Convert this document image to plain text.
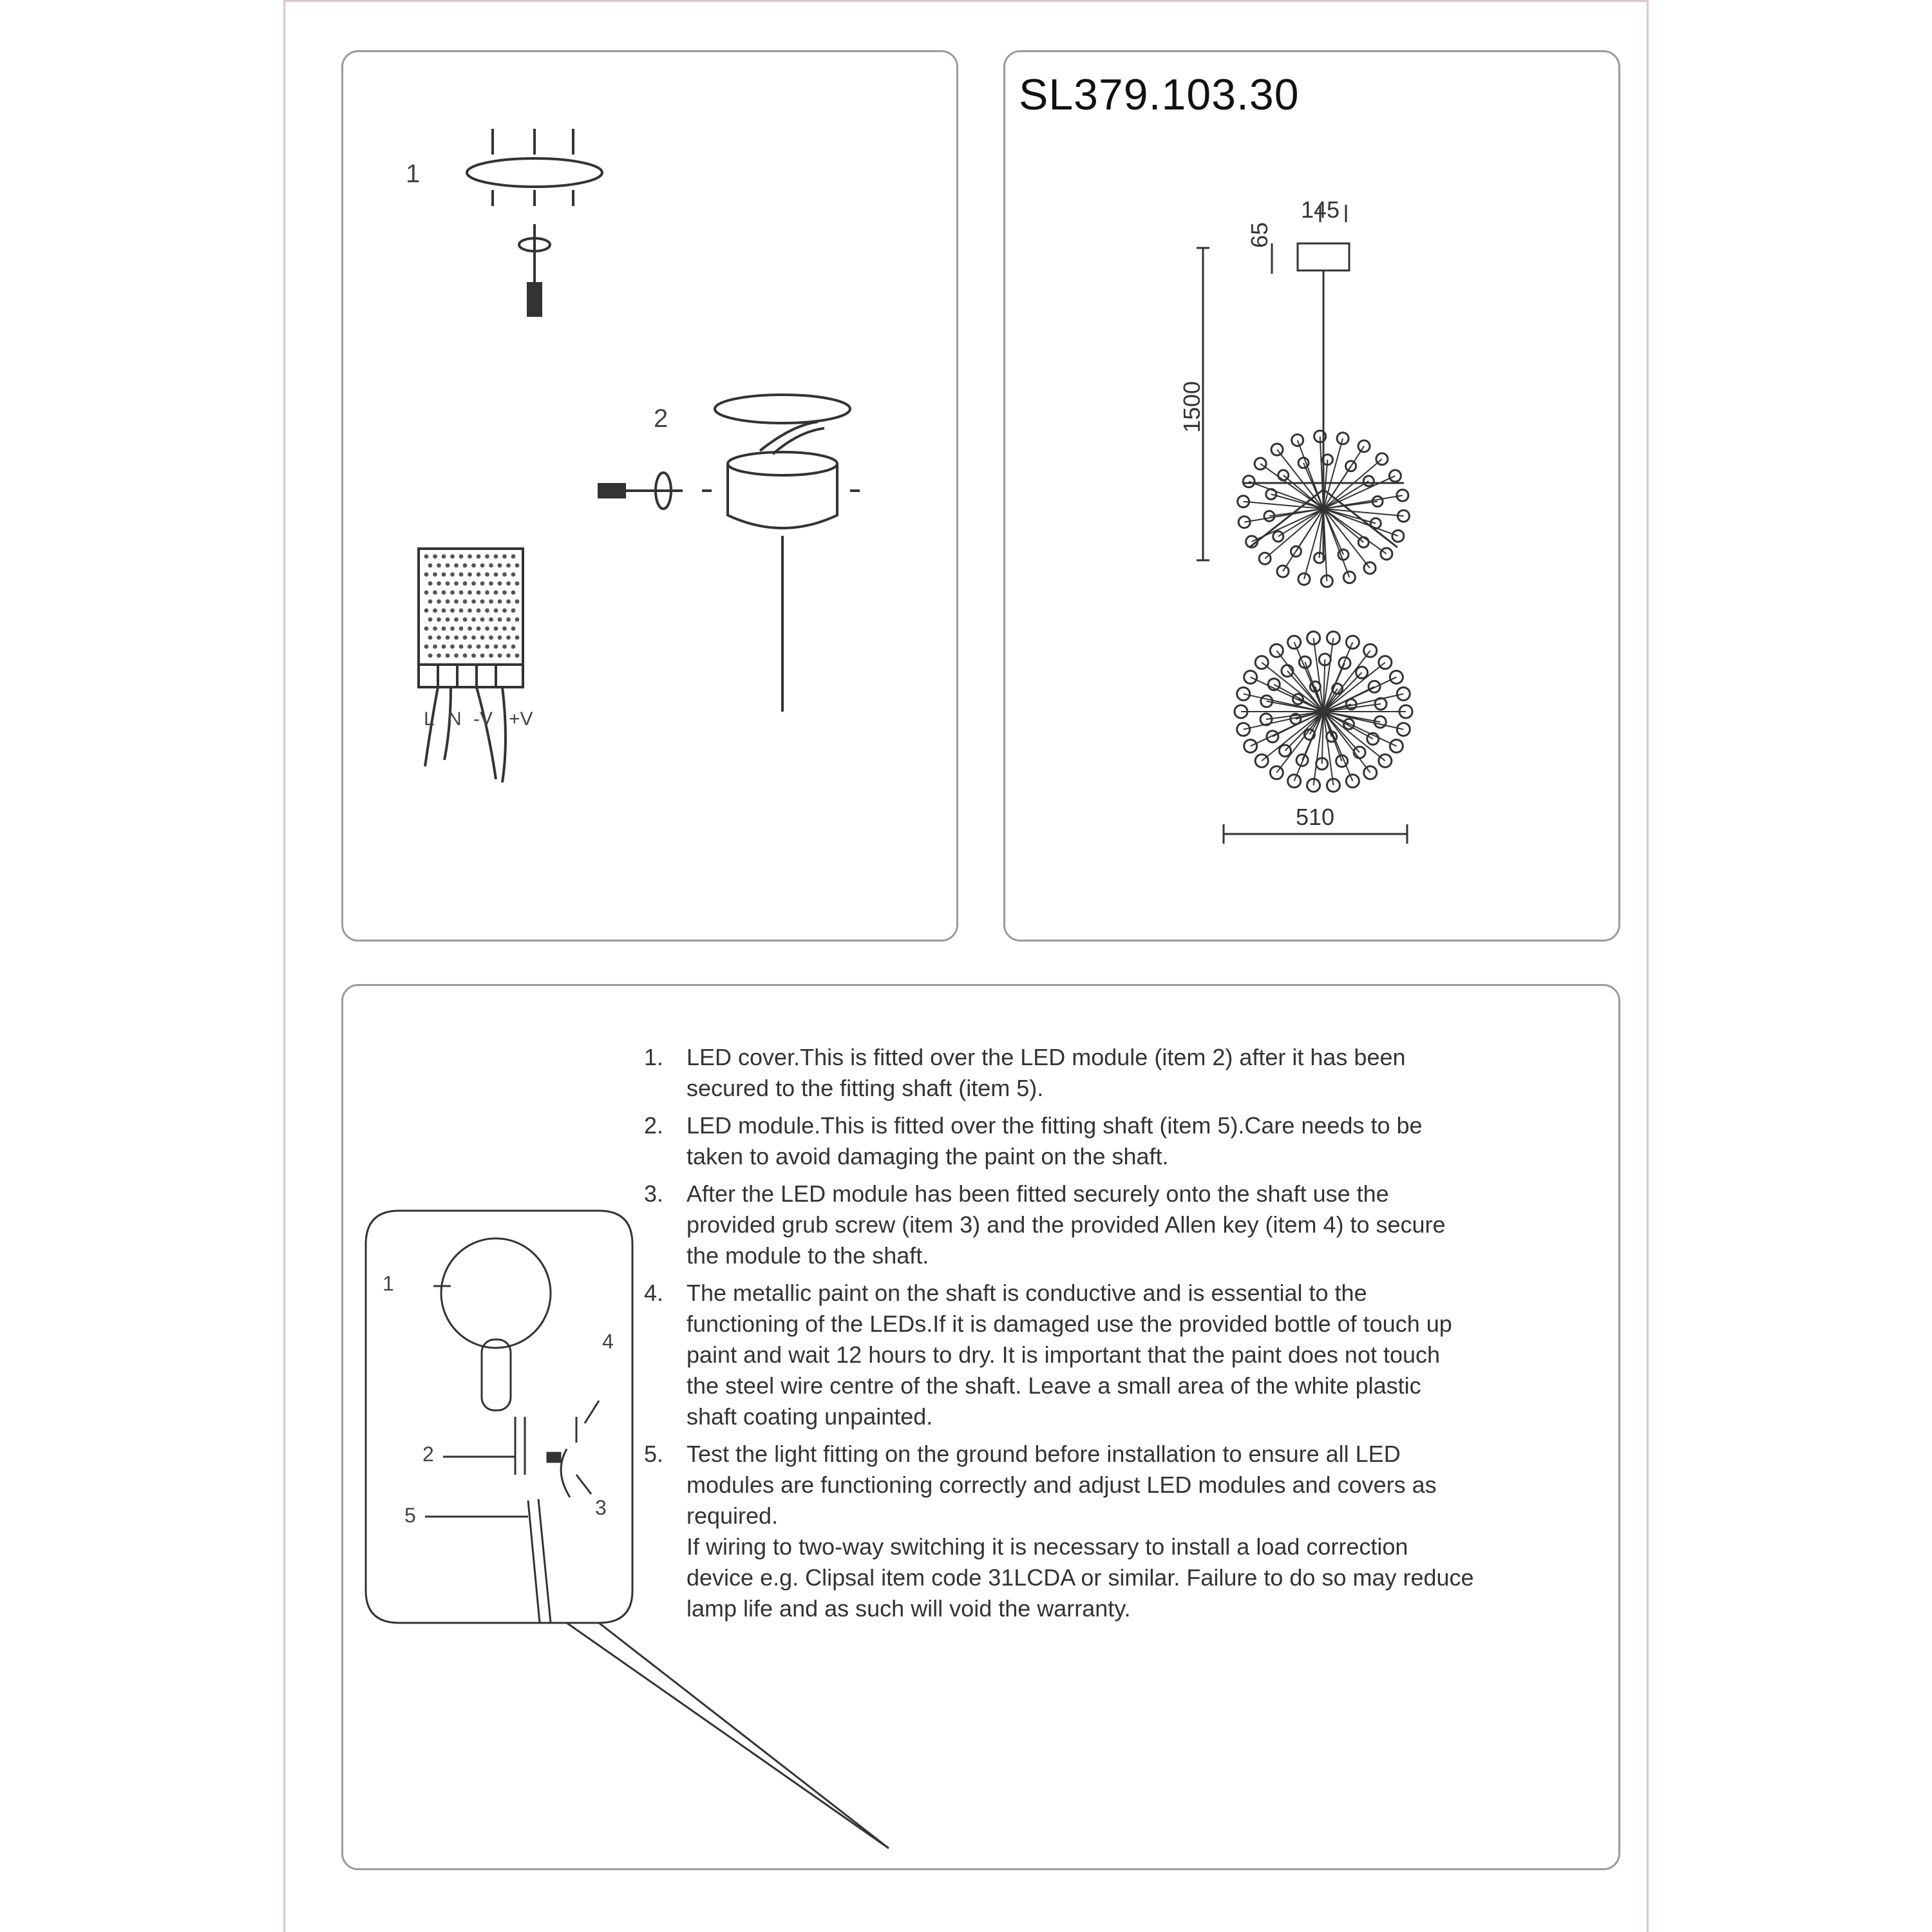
SL379.103.30
1
2
L N -V +V
145
65
1500
510
1
2
3
4
5
1. LED cover.This is fitted over the LED module (item 2) after it has been secured to the fitting shaft (item 5).
2. LED module.This is fitted over the fitting shaft (item 5).Care needs to be taken to avoid damaging the paint on the shaft.
3. After the LED module has been fitted securely onto the shaft use the provided grub screw (item 3) and the provided Allen key (item 4) to secure the module to the shaft.
4. The metallic paint on the shaft is conductive and is essential to the functioning of the LEDs.If it is damaged use the provided bottle of touch up paint and wait 12 hours to dry. It is important that the paint does not touch the steel wire centre of the shaft. Leave a small area of the white plastic shaft coating unpainted.
5. Test the light fitting on the ground before installation to ensure all LED modules are functioning correctly and adjust LED modules and covers as required.
If wiring to two-way switching it is necessary to install a load correction device e.g. Clipsal item code 31LCDA or similar. Failure to do so may reduce lamp life and as such will void the warranty.
